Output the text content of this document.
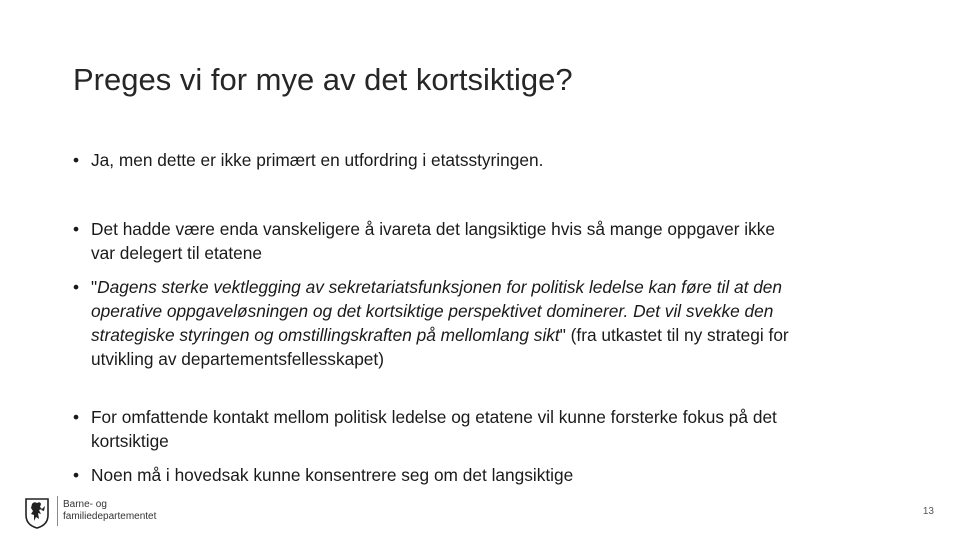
Preges vi for mye av det kortsiktige?
• Ja, men dette er ikke primært en utfordring i etatsstyringen.
• Det hadde være enda vanskeligere å ivareta det langsiktige hvis så mange oppgaver ikke var delegert til etatene
• "Dagens sterke vektlegging av sekretariatsfunksjonen for politisk ledelse kan føre til at den operative oppgaveløsningen og det kortsiktige perspektivet dominerer. Det vil svekke den strategiske styringen og omstillingskraften på mellomlang sikt" (fra utkastet til ny strategi for utvikling av departementsfellesskapet)
• For omfattende kontakt mellom politisk ledelse og etatene vil kunne forsterke fokus på det kortsiktige
• Noen må i hovedsak kunne konsentrere seg om det langsiktige
Barne- og
familiedepartementet	13
